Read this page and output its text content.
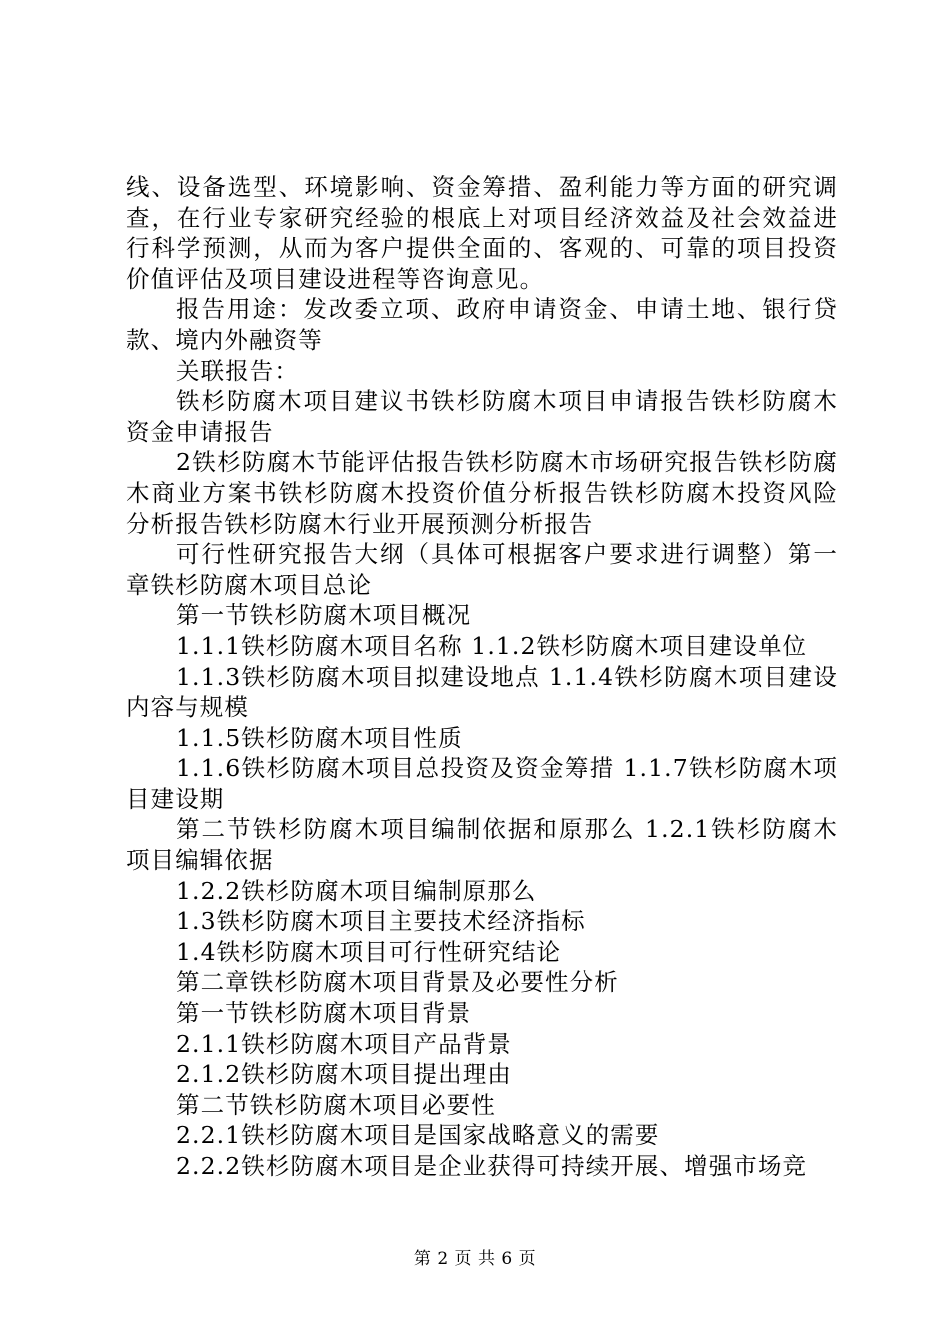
线、设备选型、环境影响、资金筹措、盈利能力等方面的研究调查，在行业专家研究经验的根底上对项目经济效益及社会效益进行科学预测，从而为客户提供全面的、客观的、可靠的项目投资价值评估及项目建设进程等咨询意见。

报告用途：发改委立项、政府申请资金、申请土地、银行贷款、境内外融资等

关联报告：

铁杉防腐木项目建议书铁杉防腐木项目申请报告铁杉防腐木资金申请报告

2铁杉防腐木节能评估报告铁杉防腐木市场研究报告铁杉防腐木商业方案书铁杉防腐木投资价值分析报告铁杉防腐木投资风险分析报告铁杉防腐木行业开展预测分析报告

可行性研究报告大纲（具体可根据客户要求进行调整）第一章铁杉防腐木项目总论

第一节铁杉防腐木项目概况

1.1.1铁杉防腐木项目名称 1.1.2铁杉防腐木项目建设单位

1.1.3铁杉防腐木项目拟建设地点 1.1.4铁杉防腐木项目建设内容与规模

1.1.5铁杉防腐木项目性质

1.1.6铁杉防腐木项目总投资及资金筹措 1.1.7铁杉防腐木项目建设期

第二节铁杉防腐木项目编制依据和原那么 1.2.1铁杉防腐木项目编辑依据

1.2.2铁杉防腐木项目编制原那么

1.3铁杉防腐木项目主要技术经济指标

1.4铁杉防腐木项目可行性研究结论

第二章铁杉防腐木项目背景及必要性分析

第一节铁杉防腐木项目背景

2.1.1铁杉防腐木项目产品背景

2.1.2铁杉防腐木项目提出理由

第二节铁杉防腐木项目必要性

2.2.1铁杉防腐木项目是国家战略意义的需要

2.2.2铁杉防腐木项目是企业获得可持续开展、增强市场竞

第 2 页 共 6 页
